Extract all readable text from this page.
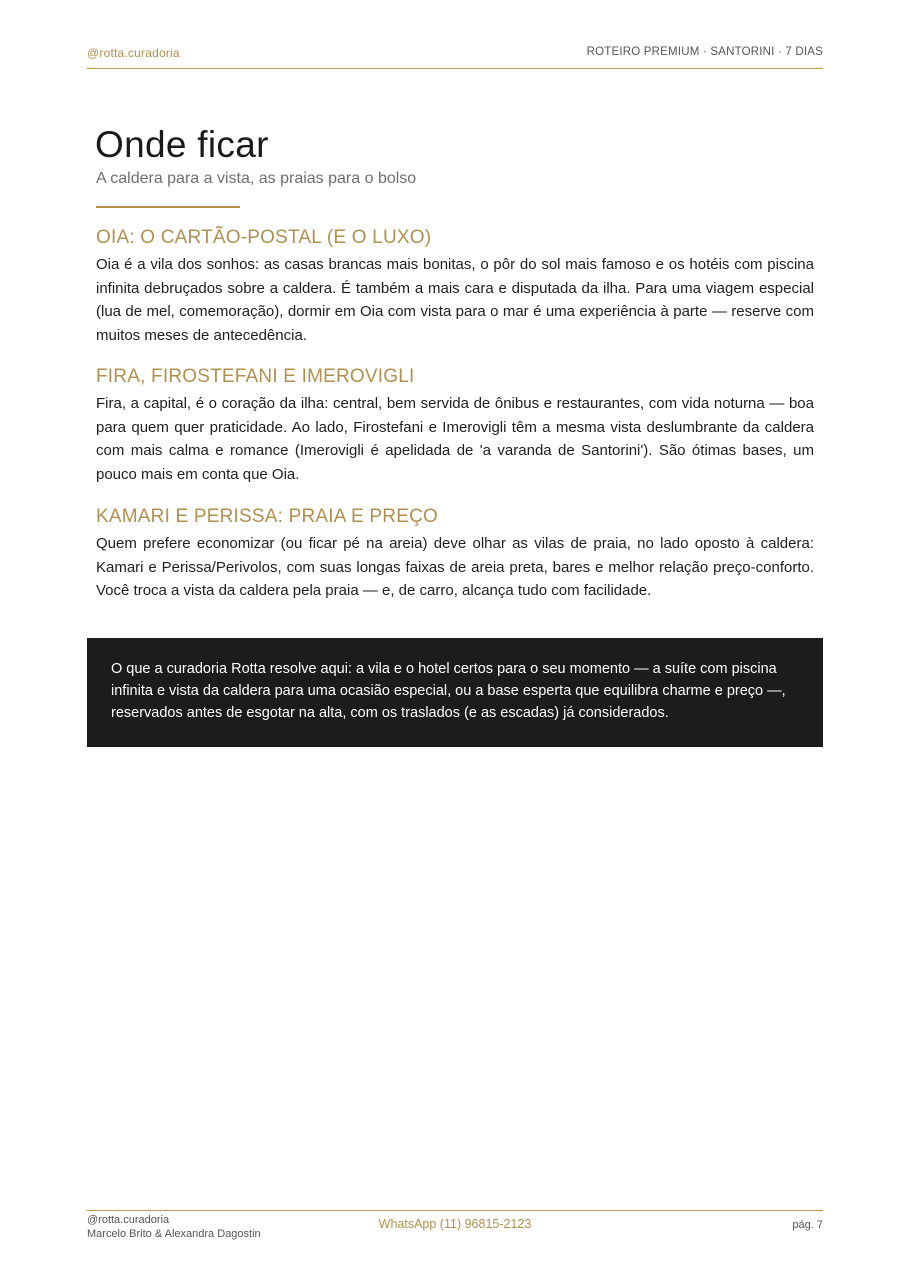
@rotta.curadoria	ROTEIRO PREMIUM · SANTORINI · 7 DIAS
Onde ficar
A caldera para a vista, as praias para o bolso
OIA: O CARTÃO-POSTAL (E O LUXO)

Oia é a vila dos sonhos: as casas brancas mais bonitas, o pôr do sol mais famoso e os hotéis com piscina infinita debruçados sobre a caldera. É também a mais cara e disputada da ilha. Para uma viagem especial (lua de mel, comemoração), dormir em Oia com vista para o mar é uma experiência à parte — reserve com muitos meses de antecedência.

FIRA, FIROSTEFANI E IMEROVIGLI

Fira, a capital, é o coração da ilha: central, bem servida de ônibus e restaurantes, com vida noturna — boa para quem quer praticidade. Ao lado, Firostefani e Imerovigli têm a mesma vista deslumbrante da caldera com mais calma e romance (Imerovigli é apelidada de 'a varanda de Santorini'). São ótimas bases, um pouco mais em conta que Oia.

KAMARI E PERISSA: PRAIA E PREÇO

Quem prefere economizar (ou ficar pé na areia) deve olhar as vilas de praia, no lado oposto à caldera: Kamari e Perissa/Perivolos, com suas longas faixas de areia preta, bares e melhor relação preço-conforto. Você troca a vista da caldera pela praia — e, de carro, alcança tudo com facilidade.

O que a curadoria Rotta resolve aqui: a vila e o hotel certos para o seu momento — a suíte com piscina infinita e vista da caldera para uma ocasião especial, ou a base esperta que equilibra charme e preço —, reservados antes de esgotar na alta, com os traslados (e as escadas) já considerados.

@rotta.curadoria
Marcelo Brito & Alexandra Dagostin
WhatsApp (11) 96815-2123	pág. 7
